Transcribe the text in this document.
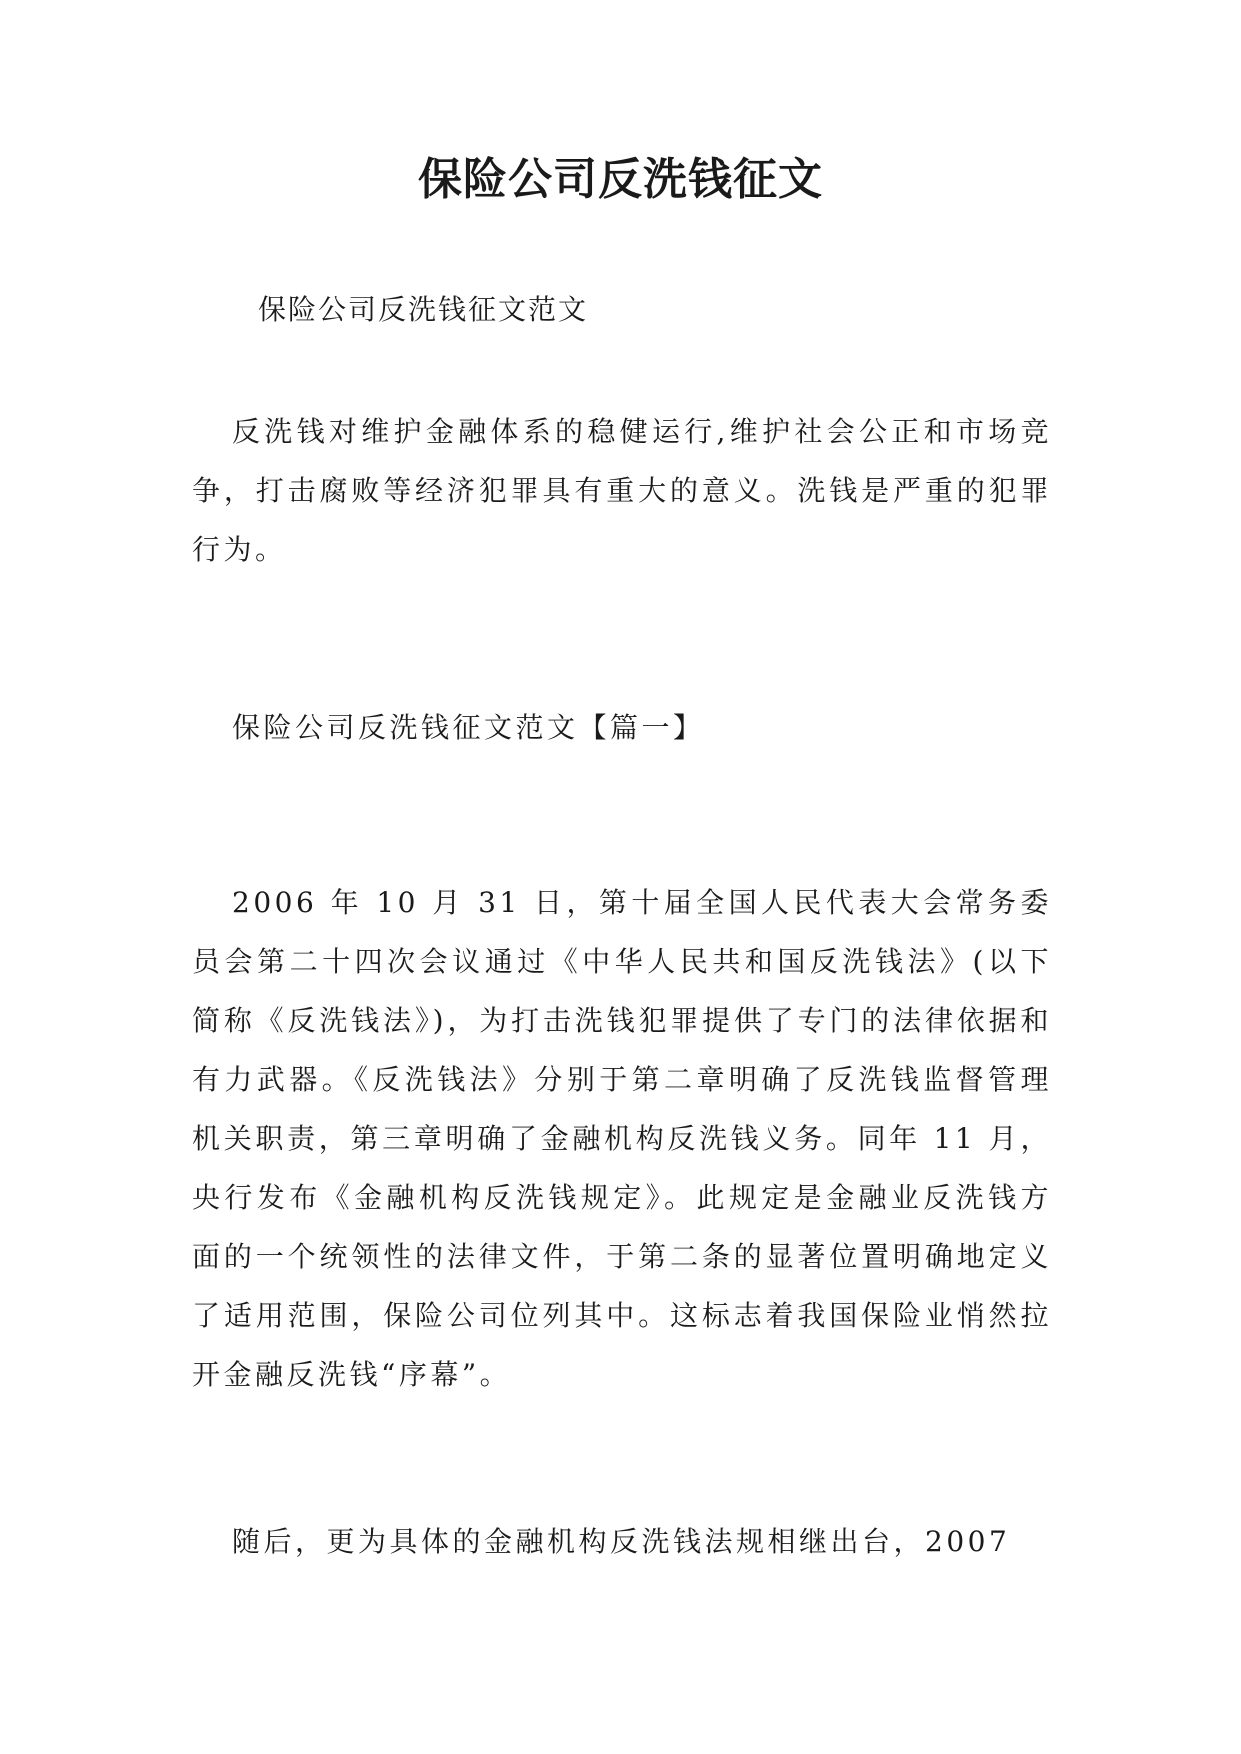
保险公司反洗钱征文

保险公司反洗钱征文范文

反洗钱对维护金融体系的稳健运行,维护社会公正和市场竞争，打击腐败等经济犯罪具有重大的意义。洗钱是严重的犯罪行为。

保险公司反洗钱征文范文【篇一】

2006 年 10 月 31 日，第十届全国人民代表大会常务委员会第二十四次会议通过《中华人民共和国反洗钱法》(以下简称《反洗钱法》)，为打击洗钱犯罪提供了专门的法律依据和有力武器。《反洗钱法》分别于第二章明确了反洗钱监督管理机关职责，第三章明确了金融机构反洗钱义务。同年 11 月，央行发布《金融机构反洗钱规定》。此规定是金融业反洗钱方面的一个统领性的法律文件，于第二条的显著位置明确地定义了适用范围，保险公司位列其中。这标志着我国保险业悄然拉开金融反洗钱“序幕”。

随后，更为具体的金融机构反洗钱法规相继出台，2007
